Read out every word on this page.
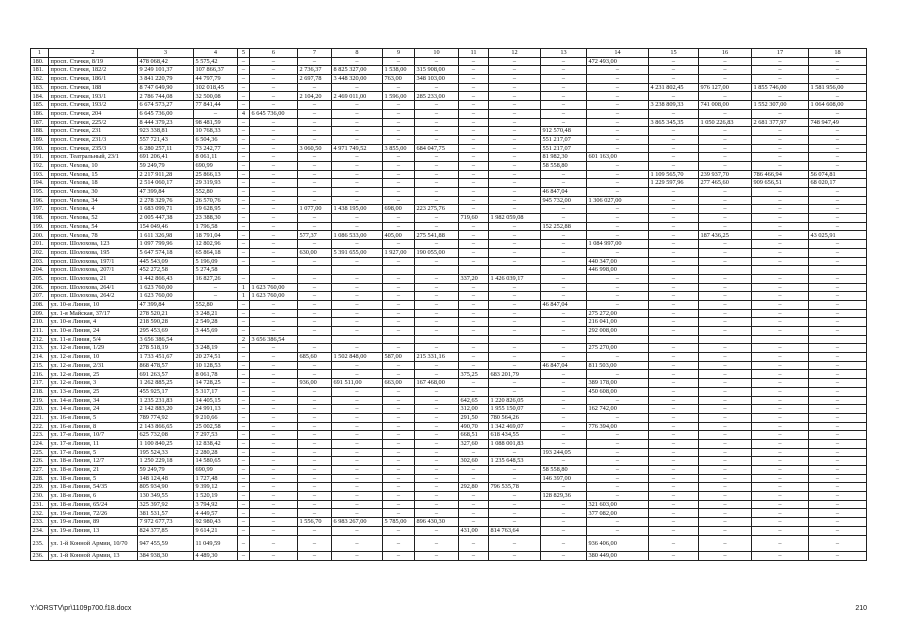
1	2	3	4	5	6	7	8	9	10	11	12	13	14	15	16	17	18
180.	просп. Стачки, 8/19	478 068,42	5 575,42	–	–	–	–	–	–	–	–	–	472 493,00	–	–	–	–
181.	просп. Стачки, 182/2	9 249 101,37	107 866,37	–	–	2 736,37	8 825 327,00	1 538,00	315 908,00	–	–	–	–	–	–	–	–
182.	просп. Стачки, 186/1	3 841 220,79	44 797,79	–	–	2 697,78	3 448 320,00	763,00	348 103,00	–	–	–	–	–	–	–	–
183.	просп. Стачки, 188	8 747 649,90	102 018,45	–	–	–	–	–	–	–	–	–	–	4 231 802,45	976 127,00	1 855 746,00	1 581 956,00
184.	просп. Стачки, 193/1	2 786 744,08	32 500,08	–	–	2 104,20	2 469 011,00	1 596,00	285 233,00	–	–	–	–	–	–	–	–
185.	просп. Стачки, 193/2	6 674 573,27	77 841,44	–	–	–	–	–	–	–	–	–	–	3 238 809,33	741 008,00	1 552 307,00	1 064 608,00
186.	просп. Стачки, 204	6 645 736,00	–	4	6 645 736,00	–	–	–	–	–	–	–	–	–	–	–	–
187.	просп. Стачки, 225/2	8 444 379,23	98 481,59	–	–	–	–	–	–	–	–	–	–	3 865 345,35	1 050 226,83	2 681 377,97	748 947,49
188.	просп. Стачки, 231	923 338,81	10 768,33	–	–	–	–	–	–	–	–	912 570,48	–	–	–	–	–
189.	просп. Стачки, 231/3	557 721,43	6 504,36	–	–	–	–	–	–	–	–	551 217,07	–	–	–	–	–
190.	просп. Стачки, 235/3	6 280 257,11	73 242,77	–	–	3 060,50	4 971 749,52	3 855,00	684 047,75	–	–	551 217,07	–	–	–	–	–
191.	просп. Театральный, 23/1	691 206,41	8 061,11	–	–	–	–	–	–	–	–	81 982,30	601 163,00	–	–	–	–
192.	просп. Чехова, 10	59 249,79	690,99	–	–	–	–	–	–	–	–	58 558,80	–	–	–	–	–
193.	просп. Чехова, 15	2 217 911,28	25 866,13	–	–	–	–	–	–	–	–	–	–	1 109 565,70	239 937,70	786 466,94	56 074,81
194.	просп. Чехова, 18	2 514 060,17	29 319,93	–	–	–	–	–	–	–	–	–	–	1 229 597,96	277 465,60	909 656,51	68 020,17
195.	просп. Чехова, 30	47 399,84	552,80	–	–	–	–	–	–	–	–	46 847,04	–	–	–	–	–
196.	просп. Чехова, 34	2 278 329,76	26 570,76	–	–	–	–	–	–	–	–	945 732,00	1 306 027,00	–	–	–	–
197.	просп. Чехова, 4	1 683 099,71	19 628,95	–	–	1 077,00	1 438 195,00	698,00	223 275,76	–	–	–	–	–	–	–	–
198.	просп. Чехова, 52	2 005 447,38	23 388,30	–	–	–	–	–	–	719,60	1 982 059,08	–	–	–	–	–	–
199.	просп. Чехова, 54	154 049,46	1 796,58	–	–	–	–	–	–	–	–	152 252,88	–	–	–	–	–
200.	просп. Чехова, 78	1 611 326,98	18 791,04	–	–	577,37	1 086 533,00	405,00	275 541,88	–	–	–	–	–	187 436,25	–	43 025,91
201.	просп. Шолохова, 123	1 097 799,96	12 802,96	–	–	–	–	–	–	–	–	–	1 084 997,00	–	–	–	–
202.	просп. Шолохова, 195	5 647 574,18	65 864,18	–	–	630,00	5 391 655,00	1 927,00	190 055,00	–	–	–	–	–	–	–	–
203.	просп. Шолохова, 197/1	445 543,09	5 196,09	–	–	–	–	–	–	–	–	–	440 347,00	–	–	–	–
204.	просп. Шолохова, 207/1	452 272,58	5 274,58										446 998,00				
205.	просп. Шолохова, 21	1 442 866,43	16 827,26	–	–	–	–	–	–	337,20	1 426 039,17	–	–	–	–	–	–
206.	просп. Шолохова, 264/1	1 623 760,00	–	1	1 623 760,00	–	–	–	–	–	–	–	–	–	–	–	–
207.	просп. Шолохова, 264/2	1 623 760,00	–	1	1 623 760,00	–	–	–	–	–	–	–	–	–	–	–	–
208.	ул. 10-я Линия, 10	47 399,84	552,80	–	–	–	–	–	–	–	–	46 847,04	–	–	–	–	–
209.	ул. 1-я Майская, 37/17	278 520,21	3 248,21	–	–	–	–	–	–	–	–	–	275 272,00	–	–	–	–
210.	ул. 10-я Линия, 4	218 590,28	2 549,28	–	–	–	–	–	–	–	–	–	216 041,00	–	–	–	–
211.	ул. 10-я Линия, 24	295 453,69	3 445,69	–	–	–	–	–	–	–	–	–	292 008,00	–	–	–	–
212.	ул. 11-я Линия, 5/4	3 656 386,54		2	3 656 386,54												
213.	ул. 12-я Линия, 1/29	278 518,19	3 248,19	–	–	–	–	–	–	–	–	–	275 270,00	–	–	–	–
214.	ул. 12-я Линия, 10	1 733 451,67	20 274,51	–	–	685,60	1 502 848,00	587,00	215 331,16	–	–	–	–	–	–	–	–
215.	ул. 12-я Линия, 2/31	868 478,57	10 128,53	–	–	–	–	–	–	–	–	46 847,04	811 503,00	–	–	–	–
216.	ул. 12-я Линия, 25	691 263,57	8 061,78	–	–	–	–	–	–	375,25	683 201,79	–	–	–	–	–	–
217.	ул. 12-я Линия, 3	1 262 885,25	14 728,25	–	–	936,00	691 511,00	663,00	167 468,00	–	–	–	389 178,00	–	–	–	–
218.	ул. 13-я Линия, 25	455 925,17	5 317,17	–	–	–	–	–	–	–	–	–	450 608,00	–	–	–	–
219.	ул. 14-я Линия, 34	1 235 231,83	14 405,15	–	–	–	–	–	–	642,65	1 220 826,05	–	–	–	–	–	–
220.	ул. 14-я Линия, 24	2 142 883,20	24 991,13	–	–	–	–	–	–	312,00	1 955 150,07	–	162 742,00	–	–	–	–
221.	ул. 16-я Линия, 5	789 774,92	9 210,66	–	–	–	–	–	–	291,50	780 564,26	–	–	–	–	–	–
222.	ул. 16-я Линия, 8	2 143 866,65	25 002,58	–	–	–	–	–	–	490,70	1 342 469,07	–	776 394,00	–	–	–	–
223.	ул. 17-я Линия, 10/7	625 732,08	7 297,53	–	–	–	–	–	–	668,51	618 434,55	–	–	–	–	–	–
224.	ул. 17-я Линия, 11	1 100 840,25	12 838,42	–	–	–	–	–	–	327,60	1 088 001,83	–	–	–	–	–	–
225.	ул. 17-я Линия, 5	195 524,33	2 280,28	–	–	–	–	–	–	–	–	193 244,05	–	–	–	–	–
226.	ул. 18-я Линия, 12/7	1 250 229,18	14 580,65	–	–	–	–	–	–	302,60	1 235 648,53	–	–	–	–	–	–
227.	ул. 18-я Линия, 21	59 249,79	690,99	–	–	–	–	–	–	–	–	58 558,80	–	–	–	–	–
228.	ул. 18-я Линия, 5	148 124,48	1 727,48	–	–	–	–	–	–	–	–	146 397,00	–	–	–	–	–
229.	ул. 18-я Линия, 54/35	805 934,90	9 399,12	–	–	–	–	–	–	292,80	796 535,78	–	–	–	–	–	–
230.	ул. 18-я Линия, 6	130 349,55	1 520,19	–	–	–	–	–	–	–	–	128 829,36	–	–	–	–	–
231.	ул. 18-я Линия, 65/24	325 397,92	3 794,92	–	–	–	–	–	–	–	–	–	321 603,00	–	–	–	–
232.	ул. 19-я Линия, 72/26	381 531,57	4 449,57	–	–	–	–	–	–	–	–	–	377 082,00	–	–	–	–
233.	ул. 19-я Линия, 89	7 972 677,73	92 980,43	–	–	1 556,70	6 983 267,00	5 785,00	896 430,30	–	–	–	–	–	–	–	–
234.	ул. 19-я Линия, 13	824 377,85	9 614,21	–	–	–	–	–	–	431,00	814 763,64	–	–	–	–	–	–
235.	ул. 1-й Конной Армии, 10/70	947 455,59	11 049,59	–	–	–	–	–	–	–	–	–	936 406,00	–	–	–	–
236.	ул. 1-й Конной Армии, 13	384 938,30	4 489,30	–	–	–	–	–	–	–	–	–	380 449,00	–	–	–	–
Y:\ORSTV\pr\1109p700.f18.docx	210
